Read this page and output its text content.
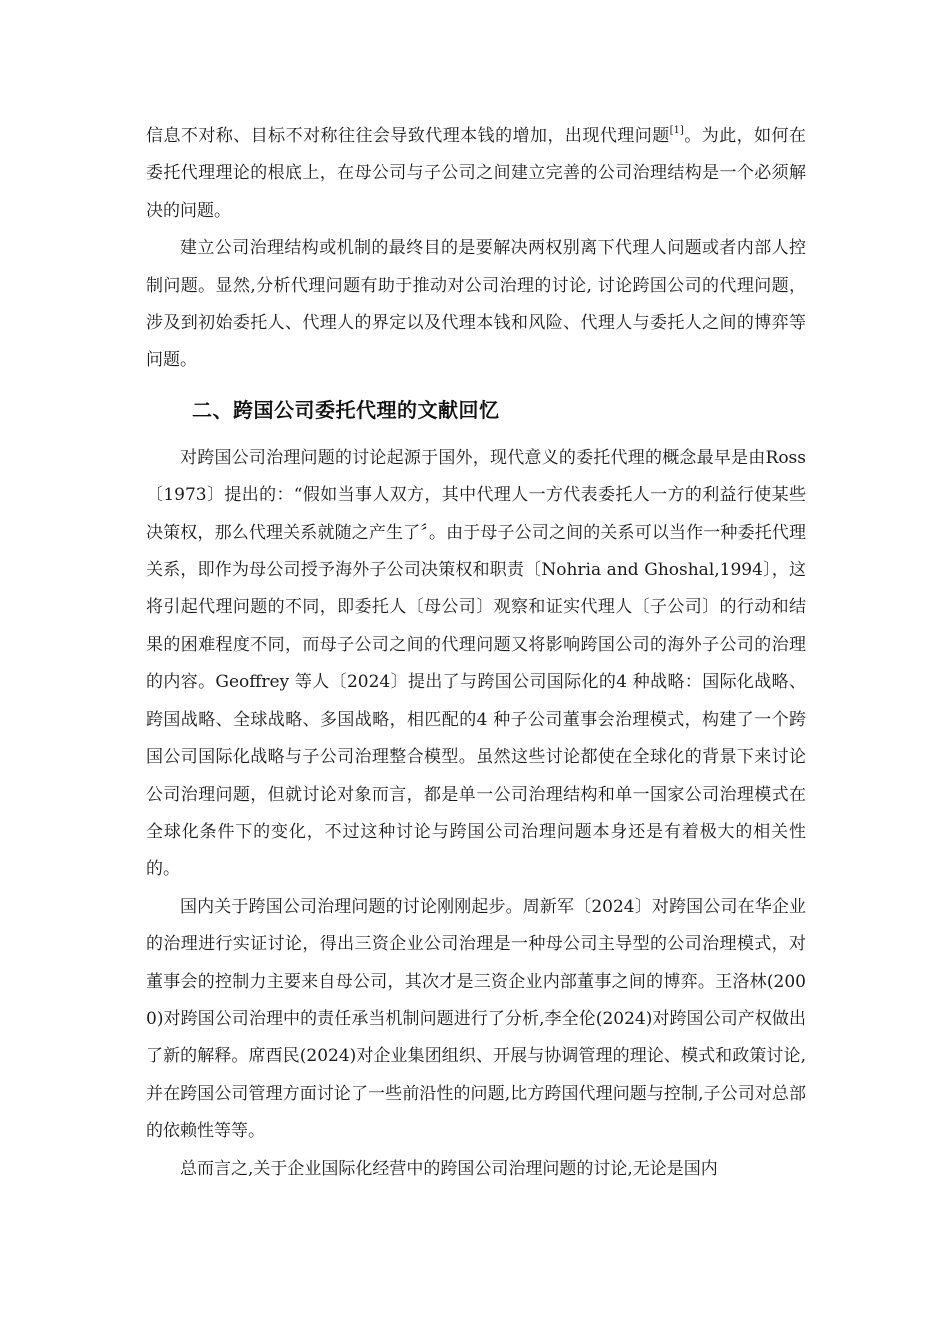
信息不对称、目标不对称往往会导致代理本钱的增加，出现代理问题[1]。为此，如何在委托代理理论的根底上，在母公司与子公司之间建立完善的公司治理结构是一个必须解决的问题。

建立公司治理结构或机制的最终目的是要解决两权别离下代理人问题或者内部人控制问题。显然,分析代理问题有助于推动对公司治理的讨论, 讨论跨国公司的代理问题，涉及到初始委托人、代理人的界定以及代理本钱和风险、代理人与委托人之间的博弈等问题。

二、跨国公司委托代理的文献回忆

对跨国公司治理问题的讨论起源于国外，现代意义的委托代理的概念最早是由Ross〔1973〕提出的：“假如当事人双方，其中代理人一方代表委托人一方的利益行使某些决策权，那么代理关系就随之产生了〞。由于母子公司之间的关系可以当作一种委托代理关系，即作为母公司授予海外子公司决策权和职责〔Nohria and Ghoshal,1994〕，这将引起代理问题的不同，即委托人〔母公司〕观察和证实代理人〔子公司〕的行动和结果的困难程度不同，而母子公司之间的代理问题又将影响跨国公司的海外子公司的治理的内容。Geoffrey 等人〔2024〕提出了与跨国公司国际化的4 种战略：国际化战略、跨国战略、全球战略、多国战略，相匹配的4 种子公司董事会治理模式，构建了一个跨国公司国际化战略与子公司治理整合模型。虽然这些讨论都使在全球化的背景下来讨论公司治理问题，但就讨论对象而言，都是单一公司治理结构和单一国家公司治理模式在全球化条件下的变化，不过这种讨论与跨国公司治理问题本身还是有着极大的相关性的。

国内关于跨国公司治理问题的讨论刚刚起步。周新军〔2024〕对跨国公司在华企业的治理进行实证讨论，得出三资企业公司治理是一种母公司主导型的公司治理模式，对董事会的控制力主要来自母公司，其次才是三资企业内部董事之间的博弈。王洛林(2000)对跨国公司治理中的责任承当机制问题进行了分析,李全伦(2024)对跨国公司产权做出了新的解释。席酉民(2024)对企业集团组织、开展与协调管理的理论、模式和政策讨论,并在跨国公司管理方面讨论了一些前沿性的问题,比方跨国代理问题与控制,子公司对总部的依赖性等等。

总而言之,关于企业国际化经营中的跨国公司治理问题的讨论,无论是国内
